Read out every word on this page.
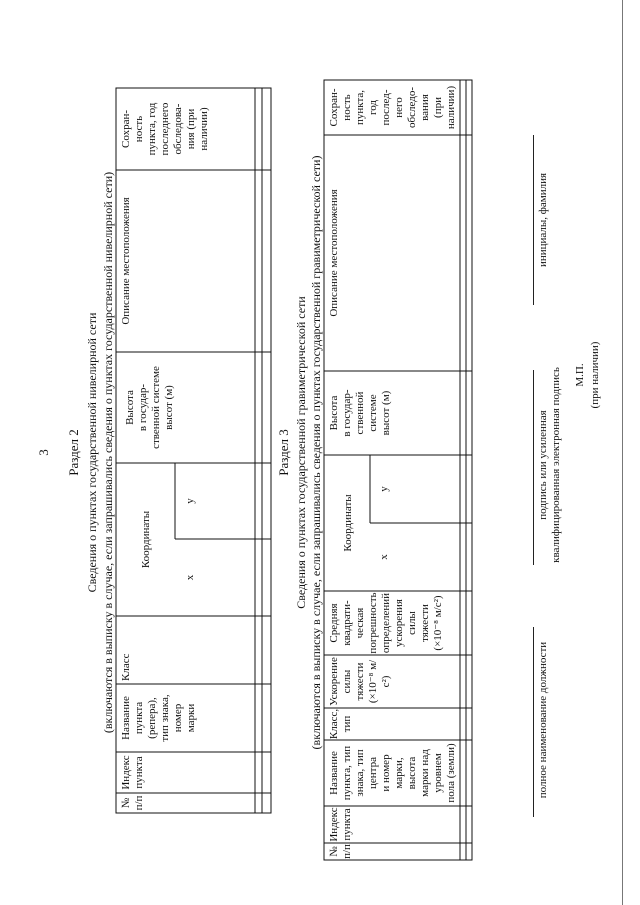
3 Раздел 2 Сведения о пунктах государственной нивелирной сети (включаются в выписку в случае, если запрашивались сведения о пунктах государственной нивелирной сети)
№
п/п
Индекс
пункта
Название
пункта
(репера),
тип знака,
номер
марки
Класс
Координаты
x
y
Высота
в государ-
ственной системе
высот (м)
Описание местоположения
Сохран-
ность
пункта, год
последнего
обследова-
ния (при
наличии)
Раздел 3 Сведения о пунктах государственной гравиметрической сети (включаются в выписку в случае, если запрашивались сведения о пунктах государственной гравиметрической сети)
№
п/п
Индекс
пункта
Название
пункта, тип
знака, тип
центра
и номер
марки,
высота
марки над
уровнем
пола (земли)
Класс,
тип
Ускорение
силы
тяжести
(×10⁻⁸ м/с²)
Средняя
квадрати-
ческая
погрешность
определений
ускорения
силы
тяжести
(×10⁻⁸ м/с²)
Координаты
x
y
Высота
в государ-
ственной
системе
высот (м)
Описание местоположения
Сохран-
ность
пункта,
год
послед-
него
обследо-
вания
(при
наличии)
полное наименование должности
подпись или усиленная
квалифицированная электронная подпись
инициалы, фамилия
М.П. (при наличии)
